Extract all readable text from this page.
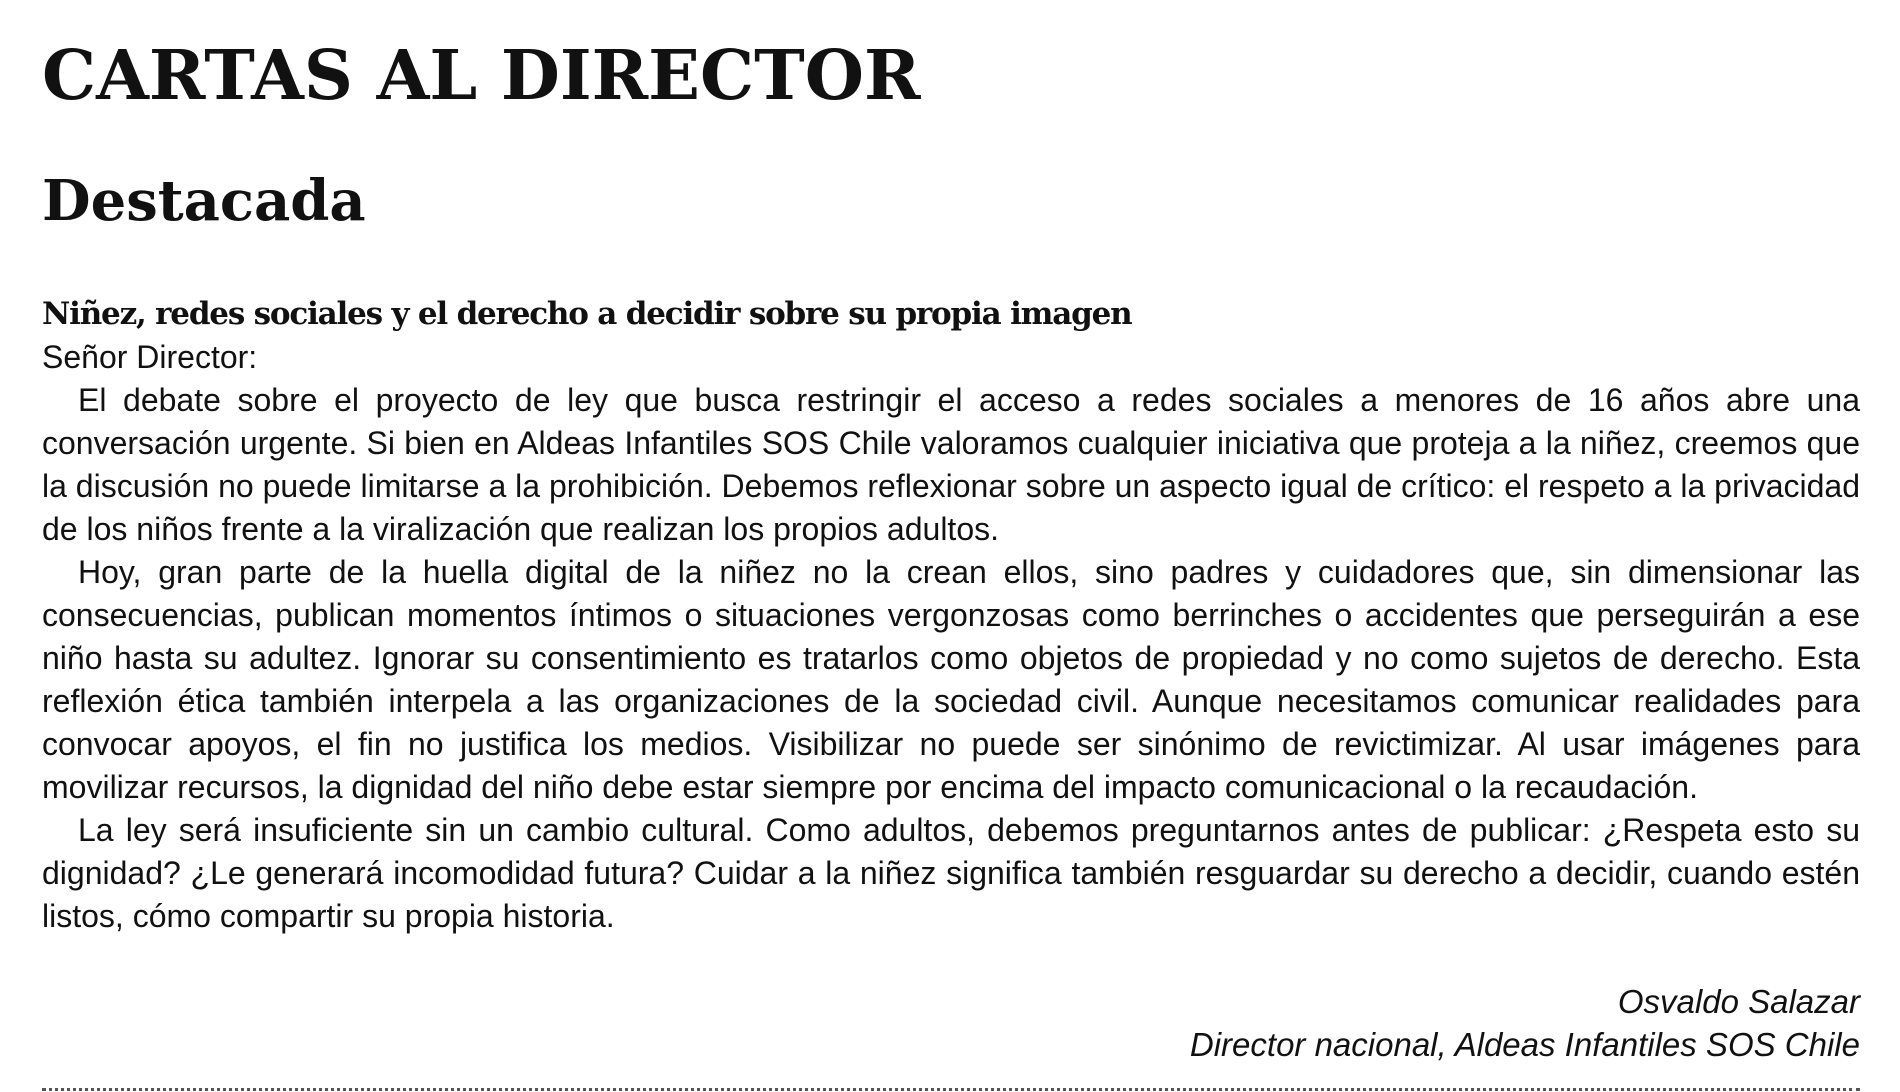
CARTAS AL DIRECTOR
Destacada
Niñez, redes sociales y el derecho a decidir sobre su propia imagen

Señor Director:

El debate sobre el proyecto de ley que busca restringir el acceso a redes sociales a menores de 16 años abre una conversación urgente. Si bien en Aldeas Infantiles SOS Chile valoramos cualquier iniciativa que proteja a la niñez, creemos que la discusión no puede limitarse a la prohibición. Debemos reflexionar sobre un aspecto igual de crítico: el respeto a la privacidad de los niños frente a la viralización que realizan los propios adultos.

Hoy, gran parte de la huella digital de la niñez no la crean ellos, sino padres y cuidadores que, sin dimensionar las consecuencias, publican momentos íntimos o situaciones vergonzosas como berrinches o accidentes que perseguirán a ese niño hasta su adultez. Ignorar su consentimiento es tratarlos como objetos de propiedad y no como sujetos de derecho. Esta reflexión ética también interpela a las organizaciones de la sociedad civil. Aunque necesitamos comunicar realidades para convocar apoyos, el fin no justifica los medios. Visibilizar no puede ser sinónimo de revictimizar. Al usar imágenes para movilizar recursos, la dignidad del niño debe estar siempre por encima del impacto comunicacional o la recaudación.

La ley será insuficiente sin un cambio cultural. Como adultos, debemos preguntarnos antes de publicar: ¿Respeta esto su dignidad? ¿Le generará incomodidad futura? Cuidar a la niñez significa también resguardar su derecho a decidir, cuando estén listos, cómo compartir su propia historia.

Osvaldo Salazar
Director nacional, Aldeas Infantiles SOS Chile
